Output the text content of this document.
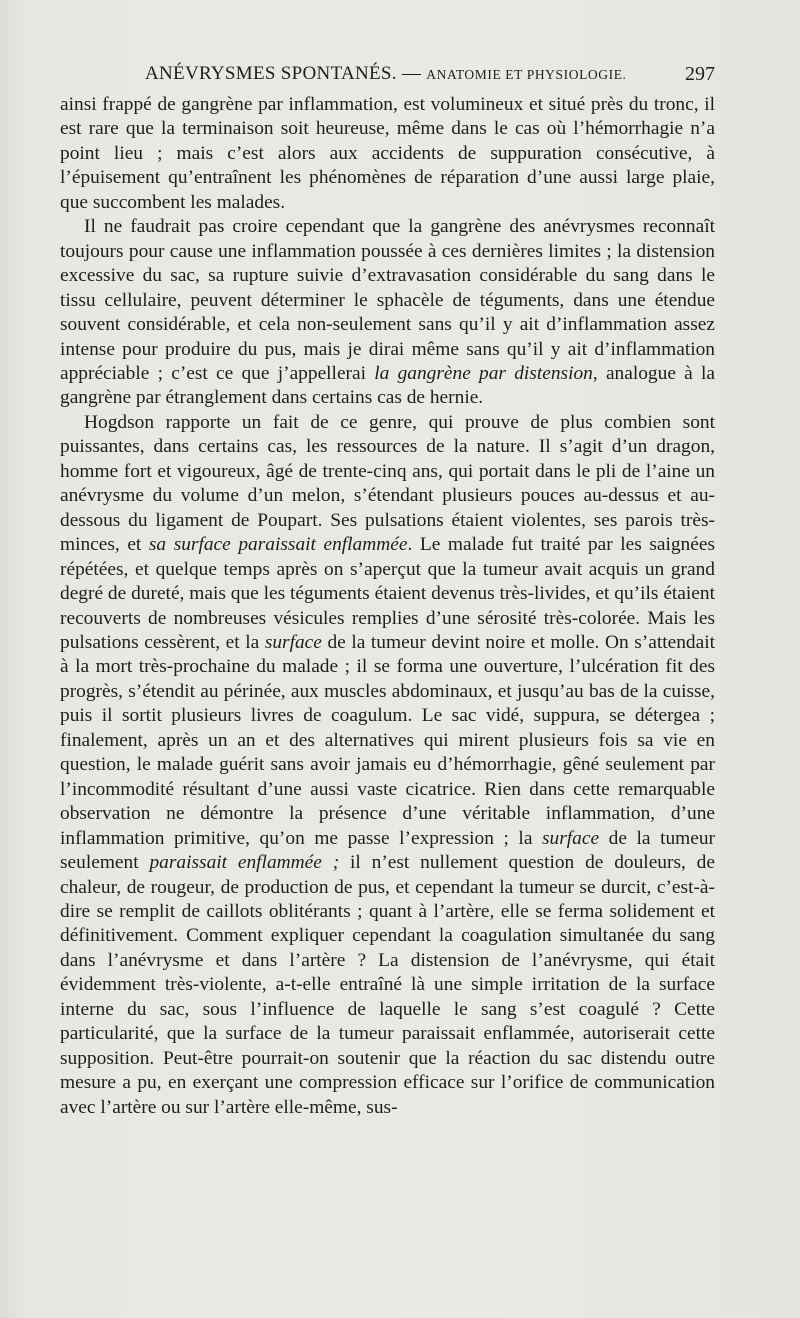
ANÉVRYSMES SPONTANÉS. — ANATOMIE ET PHYSIOLOGIE.	297

ainsi frappé de gangrène par inflammation, est volumineux et situé près du tronc, il est rare que la terminaison soit heureuse, même dans le cas où l’hémorrhagie n’a point lieu ; mais c’est alors aux accidents de suppuration consécutive, à l’épuisement qu’entraînent les phénomènes de réparation d’une aussi large plaie, que succombent les malades.

Il ne faudrait pas croire cependant que la gangrène des anévrysmes reconnaît toujours pour cause une inflammation poussée à ces dernières limites ; la distension excessive du sac, sa rupture suivie d’extravasation considérable du sang dans le tissu cellulaire, peuvent déterminer le sphacèle de téguments, dans une étendue souvent considérable, et cela non-seulement sans qu’il y ait d’inflammation assez intense pour produire du pus, mais je dirai même sans qu’il y ait d’inflammation appréciable ; c’est ce que j’appellerai la gangrène par distension, analogue à la gangrène par étranglement dans certains cas de hernie.

Hogdson rapporte un fait de ce genre, qui prouve de plus combien sont puissantes, dans certains cas, les ressources de la nature. Il s’agit d’un dragon, homme fort et vigoureux, âgé de trente-cinq ans, qui portait dans le pli de l’aine un anévrysme du volume d’un melon, s’étendant plusieurs pouces au-dessus et au-dessous du ligament de Poupart. Ses pulsations étaient violentes, ses parois très-minces, et sa surface paraissait enflammée. Le malade fut traité par les saignées répétées, et quelque temps après on s’aperçut que la tumeur avait acquis un grand degré de dureté, mais que les téguments étaient devenus très-livides, et qu’ils étaient recouverts de nombreuses vésicules remplies d’une sérosité très-colorée. Mais les pulsations cessèrent, et la surface de la tumeur devint noire et molle. On s’attendait à la mort très-prochaine du malade ; il se forma une ouverture, l’ulcération fit des progrès, s’étendit au périnée, aux muscles abdominaux, et jusqu’au bas de la cuisse, puis il sortit plusieurs livres de coagulum. Le sac vidé, suppura, se détergea ; finalement, après un an et des alternatives qui mirent plusieurs fois sa vie en question, le malade guérit sans avoir jamais eu d’hémorrhagie, gêné seulement par l’incommodité résultant d’une aussi vaste cicatrice. Rien dans cette remarquable observation ne démontre la présence d’une véritable inflammation, d’une inflammation primitive, qu’on me passe l’expression ; la surface de la tumeur seulement paraissait enflammée ; il n’est nullement question de douleurs, de chaleur, de rougeur, de production de pus, et cependant la tumeur se durcit, c’est-à-dire se remplit de caillots oblitérants ; quant à l’artère, elle se ferma solidement et définitivement. Comment expliquer cependant la coagulation simultanée du sang dans l’anévrysme et dans l’artère ? La distension de l’anévrysme, qui était évidemment très-violente, a-t-elle entraîné là une simple irritation de la surface interne du sac, sous l’influence de laquelle le sang s’est coagulé ? Cette particularité, que la surface de la tumeur paraissait enflammée, autoriserait cette supposition. Peut-être pourrait-on soutenir que la réaction du sac distendu outre mesure a pu, en exerçant une compression efficace sur l’orifice de communication avec l’artère ou sur l’artère elle-même, sus-
